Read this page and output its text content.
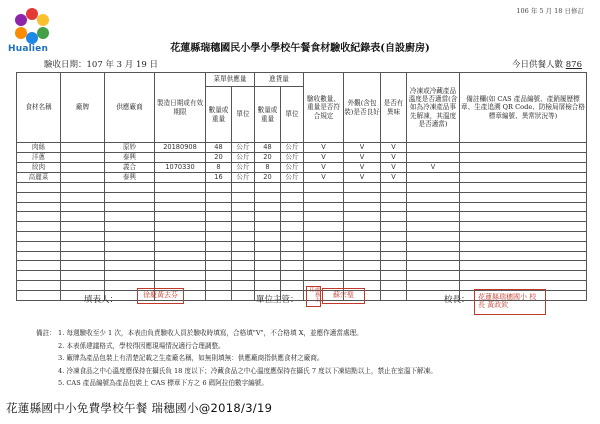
Hualien
106 年 5 月 18 日修訂
花蓮縣瑞穗國民小學小學校午餐食材驗收紀錄表(自設廚房)
驗收日期：107 年 3 月 19 日	今日供餐人數 876
食材名稱	廠牌	供應廠商	製造日期或有效期限	菜單供應量		進貨量		驗收數量、重量是否符合規定	外觀(含包裝)是否良好	是否有異味	冷凍或冷藏產品溫度是否適當(含如為冷凍產品事先解凍，其溫度是否適當)	備註欄(如 CAS 產品編號、產銷履歷標章、生產追溯 QR Code、防檢局屠檢合格標章編號、異常狀況等)
				數量或重量	單位	數量或重量	單位					
肉絲		原妙	20180908	48	公斤	48	公斤	V	V	V		
洋蔥		泰興		20	公斤	20	公斤	V	V	V		
絞肉		義合	1070330	8	公斤	8	公斤	V	V	V	V	
高麗菜		泰興		16	公斤	20	公斤	V	V	V		

填表人：	徐慶黃去芬	單位主管：	總務主任
蘇宗聖	校長：	花蓮縣瑞穗國小 校長 黃政欽
備註： 1. 每週驗收至少 1 次，本表由負責驗收人員於驗收時填寫，合格填"V"，不合格填 X，並應作適當處理。
2. 本表係建議格式，學校得因應現場情況適行合理調整。
3. 廠牌為產品包裝上有清楚記載之生產廠名稱，如無則填無：供應廠商指供應食材之廠商。
4. 冷凍食品之中心溫度應保持在攝氏負 18 度以下；冷藏食品之中心溫度應保持在攝氏 7 度以下凍結點以上，禁止在室溫下解凍。
5. CAS 產品編號為產品包裝上 CAS 標章下方之 6 碼阿拉伯數字編號。
花蓮縣國中小免費學校午餐 瑞穗國小@2018/3/19
